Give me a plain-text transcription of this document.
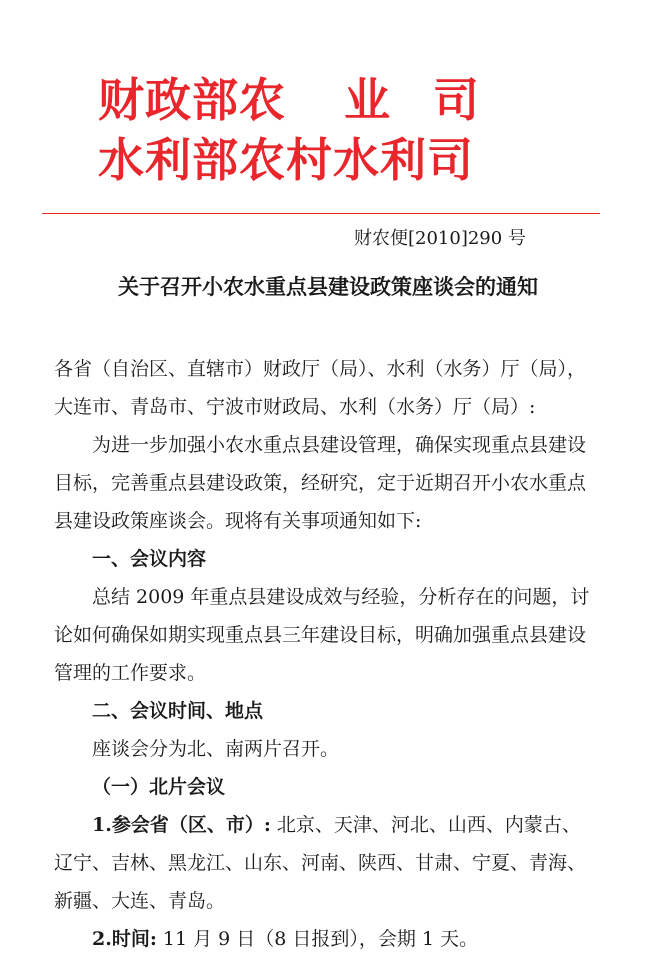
财政部农 业 司
水利部农村水利司
财农便[2010]290 号
关于召开小农水重点县建设政策座谈会的通知

各省（自治区、直辖市）财政厅（局）、水利（水务）厅（局），大连市、青岛市、宁波市财政局、水利（水务）厅（局）:

为进一步加强小农水重点县建设管理，确保实现重点县建设目标，完善重点县建设政策，经研究，定于近期召开小农水重点县建设政策座谈会。现将有关事项通知如下:

一、会议内容

总结 2009 年重点县建设成效与经验，分析存在的问题，讨论如何确保如期实现重点县三年建设目标，明确加强重点县建设管理的工作要求。

二、会议时间、地点

座谈会分为北、南两片召开。

（一）北片会议

1.参会省（区、市）: 北京、天津、河北、山西、内蒙古、辽宁、吉林、黑龙江、山东、河南、陕西、甘肃、宁夏、青海、新疆、大连、青岛。

2.时间: 11 月 9 日（8 日报到），会期 1 天。
